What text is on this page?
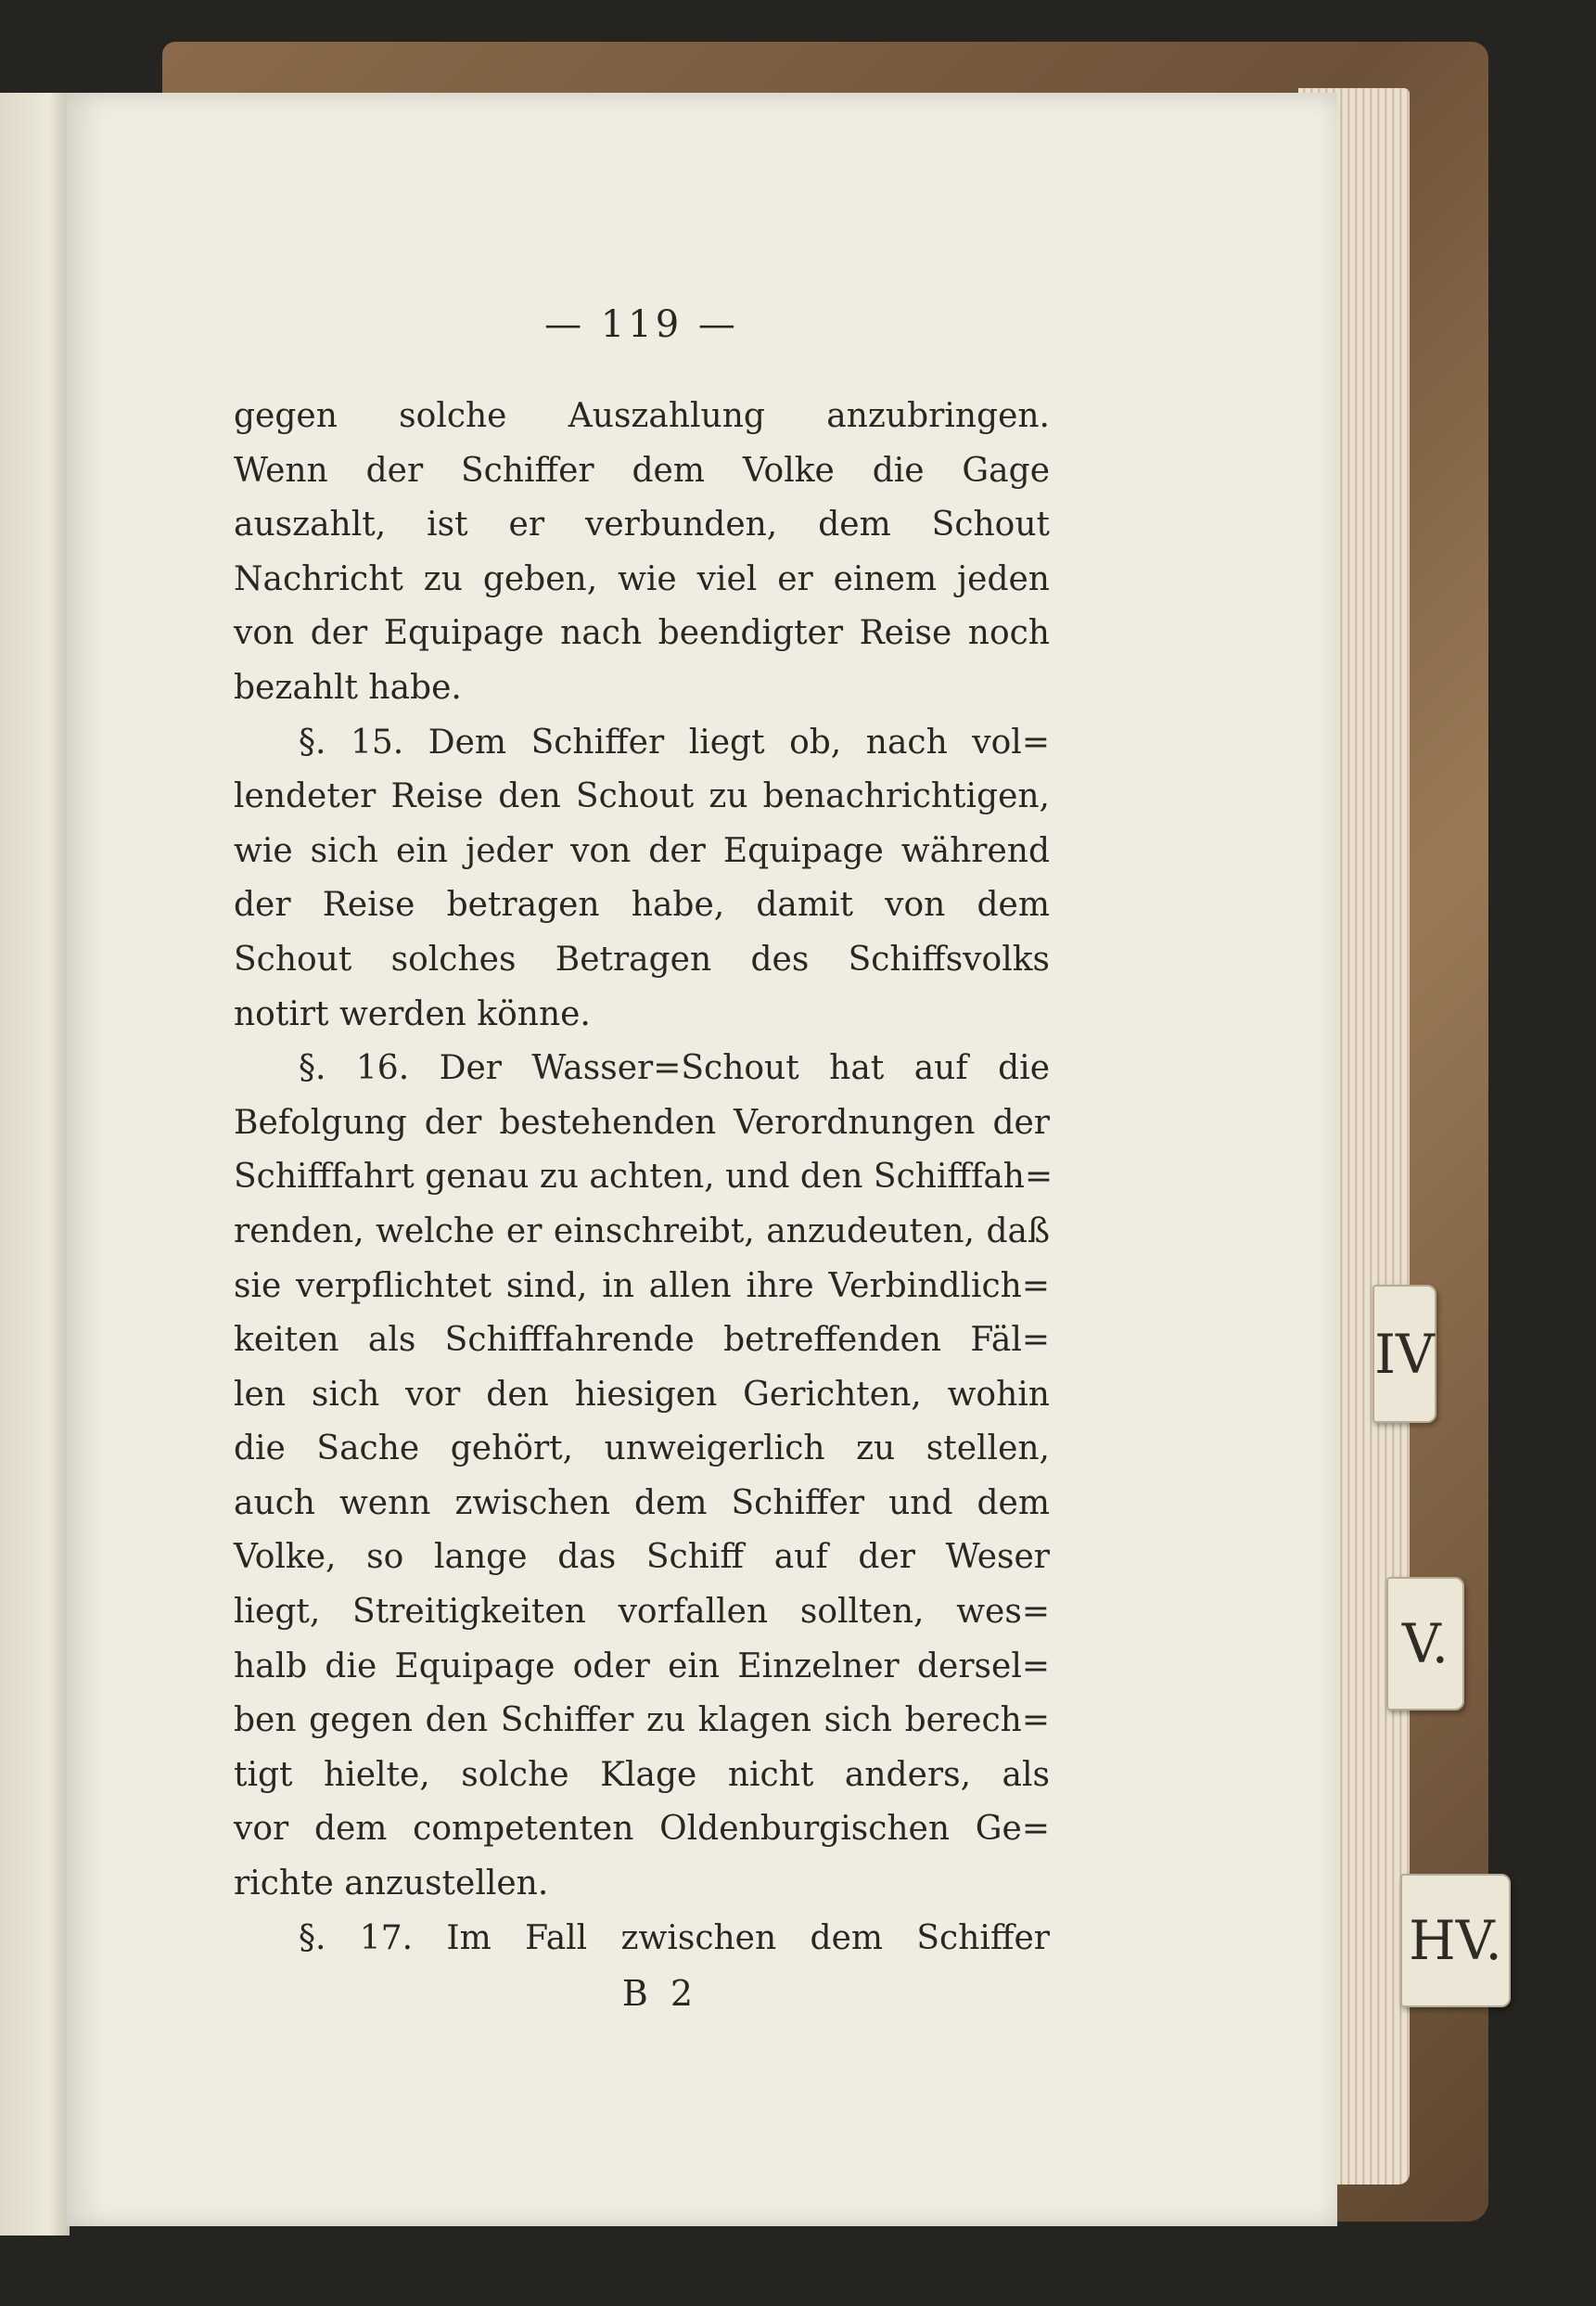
IV
V.
HV.
— 119 —
gegen solche Auszahlung anzubringen.
Wenn der Schiffer dem Volke die Gage
auszahlt, ist er verbunden, dem Schout
Nachricht zu geben, wie viel er einem jeden
von der Equipage nach beendigter Reise noch
bezahlt habe.
§. 15. Dem Schiffer liegt ob, nach vol=
lendeter Reise den Schout zu benachrichtigen,
wie sich ein jeder von der Equipage während
der Reise betragen habe, damit von dem
Schout solches Betragen des Schiffsvolks
notirt werden könne.
§. 16. Der Wasser=Schout hat auf die
Befolgung der bestehenden Verordnungen der
Schifffahrt genau zu achten, und den Schifffah=
renden, welche er einschreibt, anzudeuten, daß
sie verpflichtet sind, in allen ihre Verbindlich=
keiten als Schifffahrende betreffenden Fäl=
len sich vor den hiesigen Gerichten, wohin
die Sache gehört, unweigerlich zu stellen,
auch wenn zwischen dem Schiffer und dem
Volke, so lange das Schiff auf der Weser
liegt, Streitigkeiten vorfallen sollten, wes=
halb die Equipage oder ein Einzelner dersel=
ben gegen den Schiffer zu klagen sich berech=
tigt hielte, solche Klage nicht anders, als
vor dem competenten Oldenburgischen Ge=
richte anzustellen.
§. 17. Im Fall zwischen dem Schiffer
B 2
